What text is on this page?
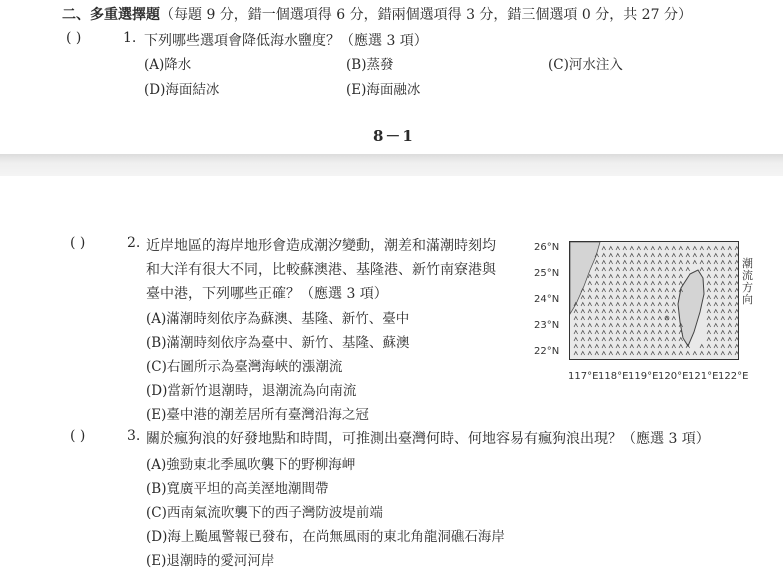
二、多重選擇題（每題 9 分，錯一個選項得 6 分，錯兩個選項得 3 分，錯三個選項 0 分，共 27 分）
( )	1. 下列哪些選項會降低海水鹽度？（應選 3 項）
(A)降水	(B)蒸發	(C)河水注入
(D)海面結冰	(E)海面融冰
8－1
( )	2. 近岸地區的海岸地形會造成潮汐變動，潮差和滿潮時刻均
和大洋有很大不同，比較蘇澳港、基隆港、新竹南寮港與
臺中港，下列哪些正確？（應選 3 項）
(A)滿潮時刻依序為蘇澳、基隆、新竹、臺中
(B)滿潮時刻依序為臺中、新竹、基隆、蘇澳
(C)右圖所示為臺灣海峽的漲潮流
(D)當新竹退潮時，退潮流為向南流
(E)臺中港的潮差居所有臺灣沿海之冠
26°N
25°N
24°N
23°N
22°N
117°E 118°E 119°E 120°E 121°E 122°E
潮流方向
( )	3. 關於瘋狗浪的好發地點和時間，可推測出臺灣何時、何地容易有瘋狗浪出現？（應選 3 項）
(A)強勁東北季風吹襲下的野柳海岬
(B)寬廣平坦的高美溼地潮間帶
(C)西南氣流吹襲下的西子灣防波堤前端
(D)海上颱風警報已發布，在尚無風雨的東北角龍洞礁石海岸
(E)退潮時的愛河河岸
